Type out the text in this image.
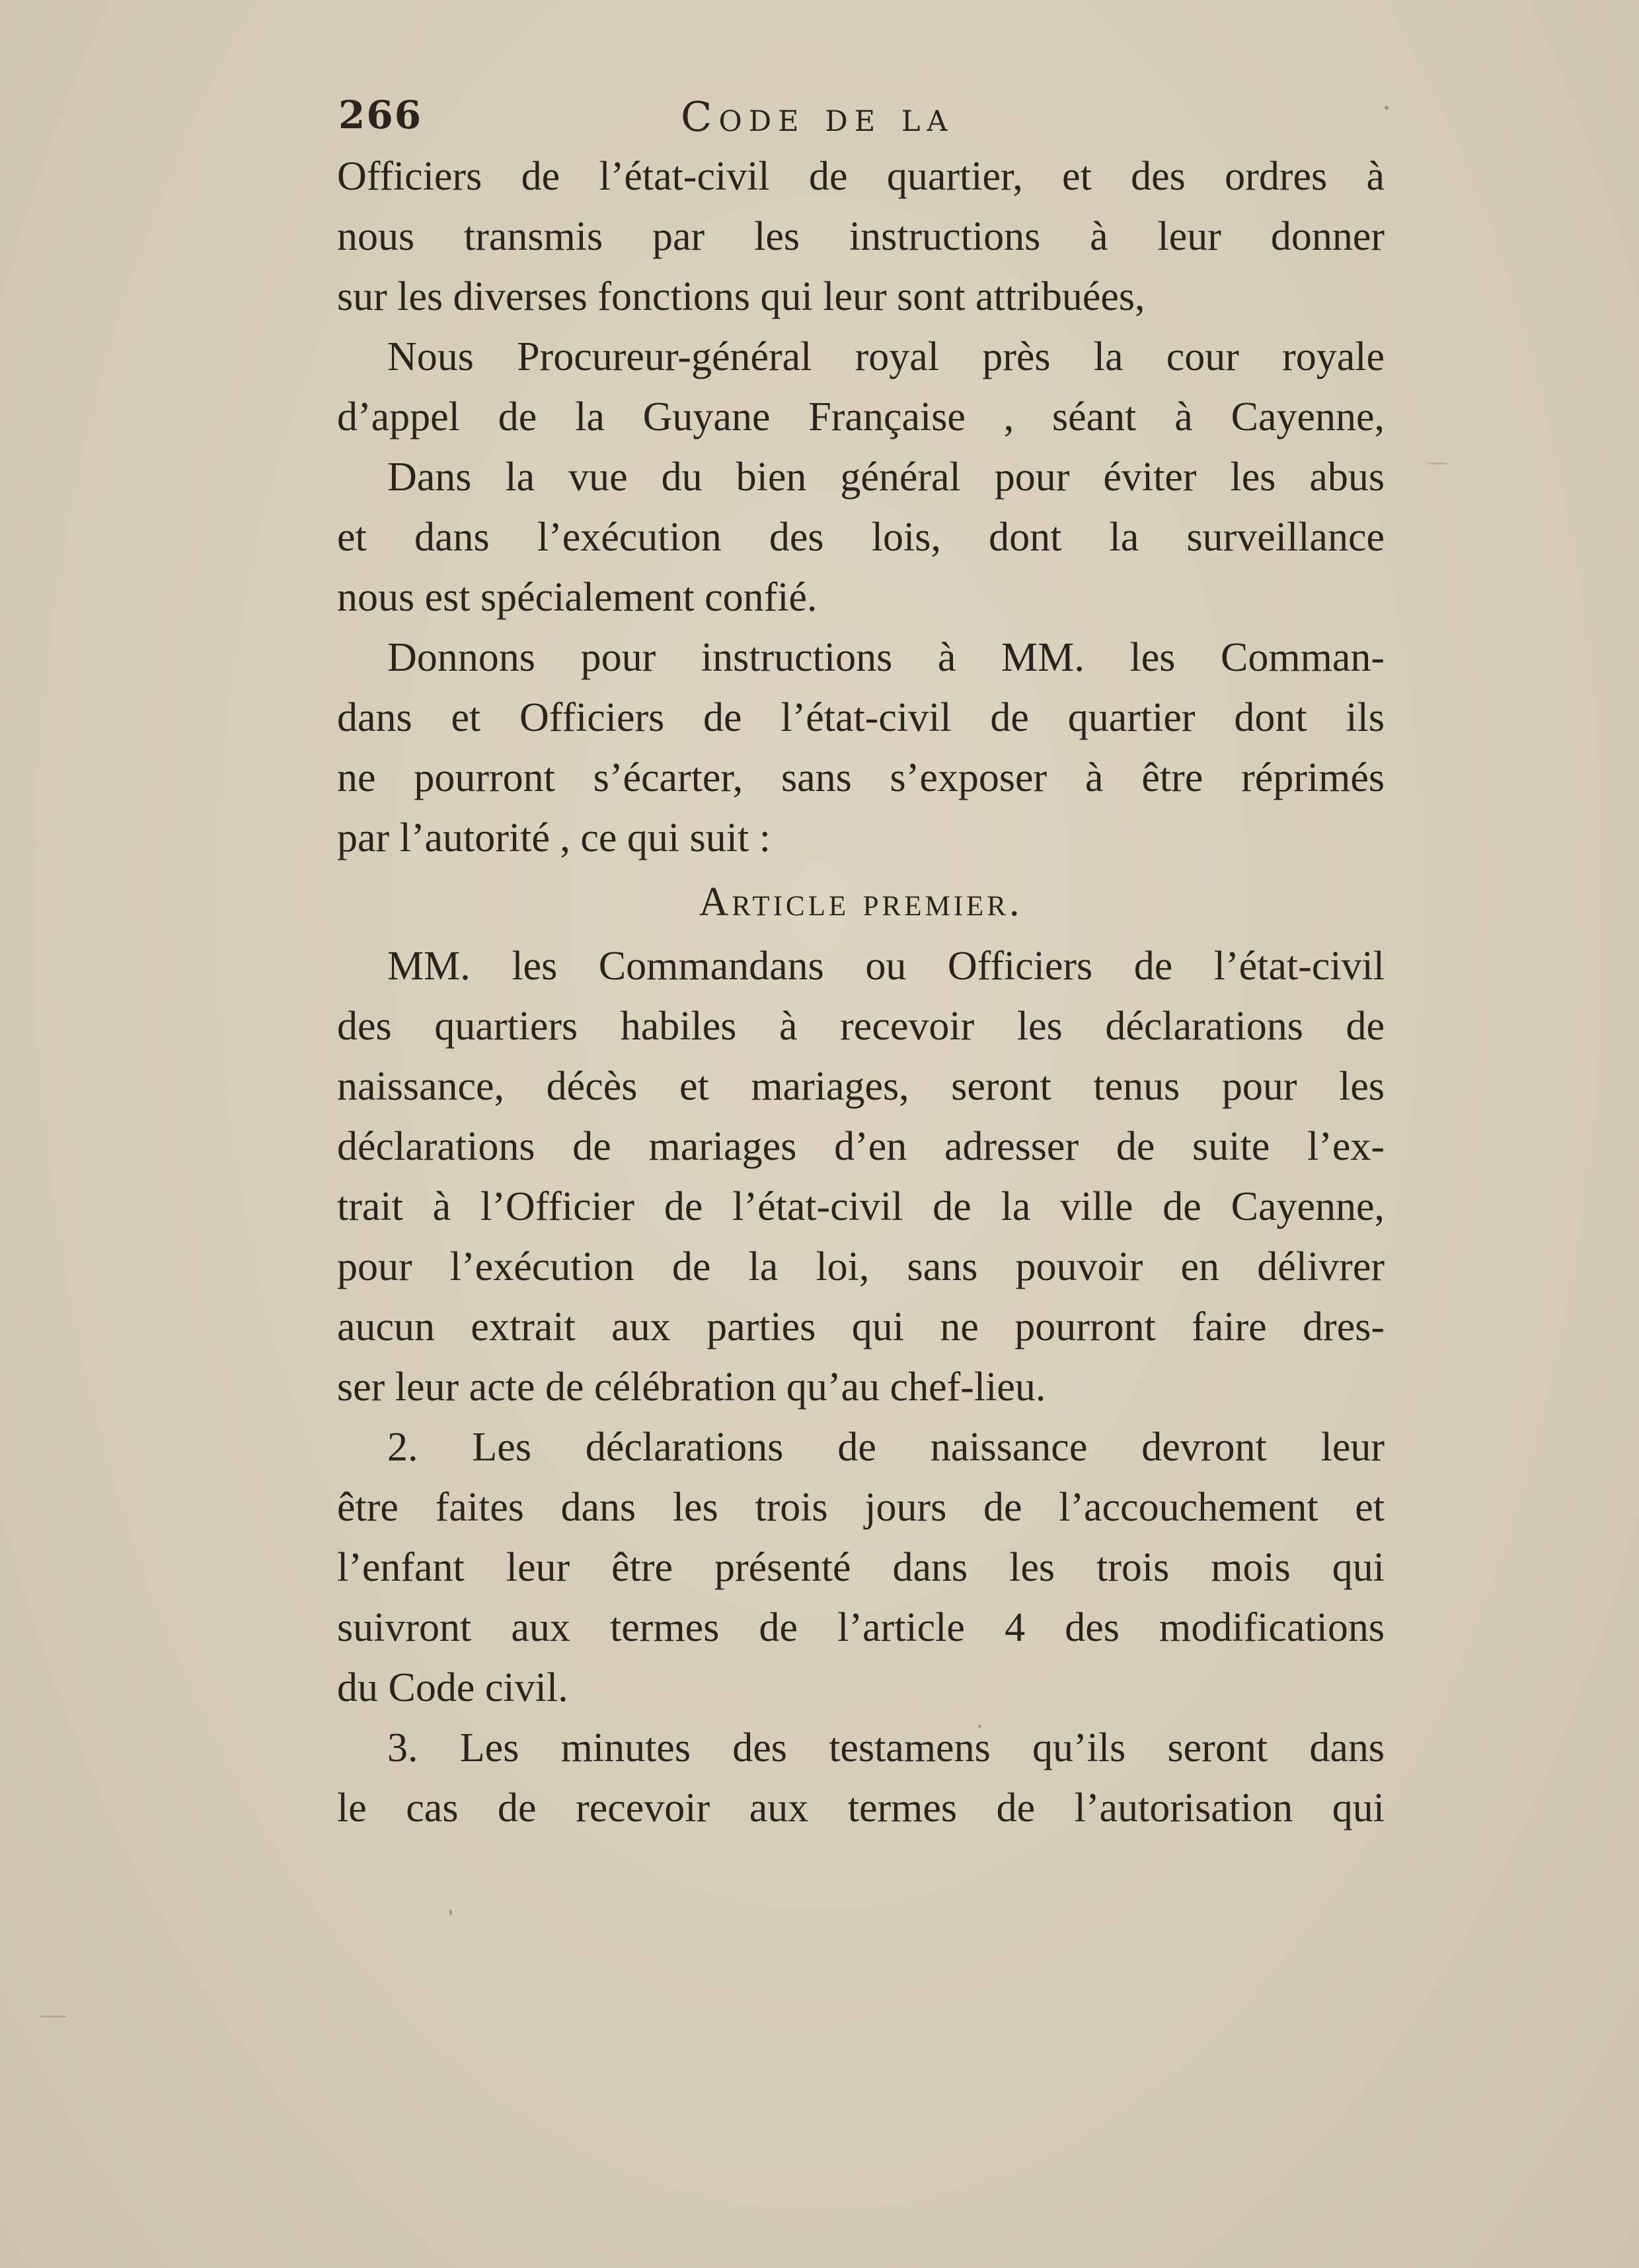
266	Code de la
Officiers de l’état-civil de quartier, et des ordres à
nous transmis par les instructions à leur donner
sur les diverses fonctions qui leur sont attribuées,
Nous Procureur-général royal près la cour royale
d’appel de la Guyane Française , séant à Cayenne,
Dans la vue du bien général pour éviter les abus
et dans l’exécution des lois, dont la surveillance
nous est spécialement confié.
Donnons pour instructions à MM. les Comman-
dans et Officiers de l’état-civil de quartier dont ils
ne pourront s’écarter, sans s’exposer à être réprimés
par l’autorité , ce qui suit :
Article premier.
MM. les Commandans ou Officiers de l’état-civil
des quartiers habiles à recevoir les déclarations de
naissance, décès et mariages, seront tenus pour les
déclarations de mariages d’en adresser de suite l’ex-
trait à l’Officier de l’état-civil de la ville de Cayenne,
pour l’exécution de la loi, sans pouvoir en délivrer
aucun extrait aux parties qui ne pourront faire dres-
ser leur acte de célébration qu’au chef-lieu.
2. Les déclarations de naissance devront leur
être faites dans les trois jours de l’accouchement et
l’enfant leur être présenté dans les trois mois qui
suivront aux termes de l’article 4 des modifications
du Code civil.
3. Les minutes des testamens qu’ils seront dans
le cas de recevoir aux termes de l’autorisation qui
